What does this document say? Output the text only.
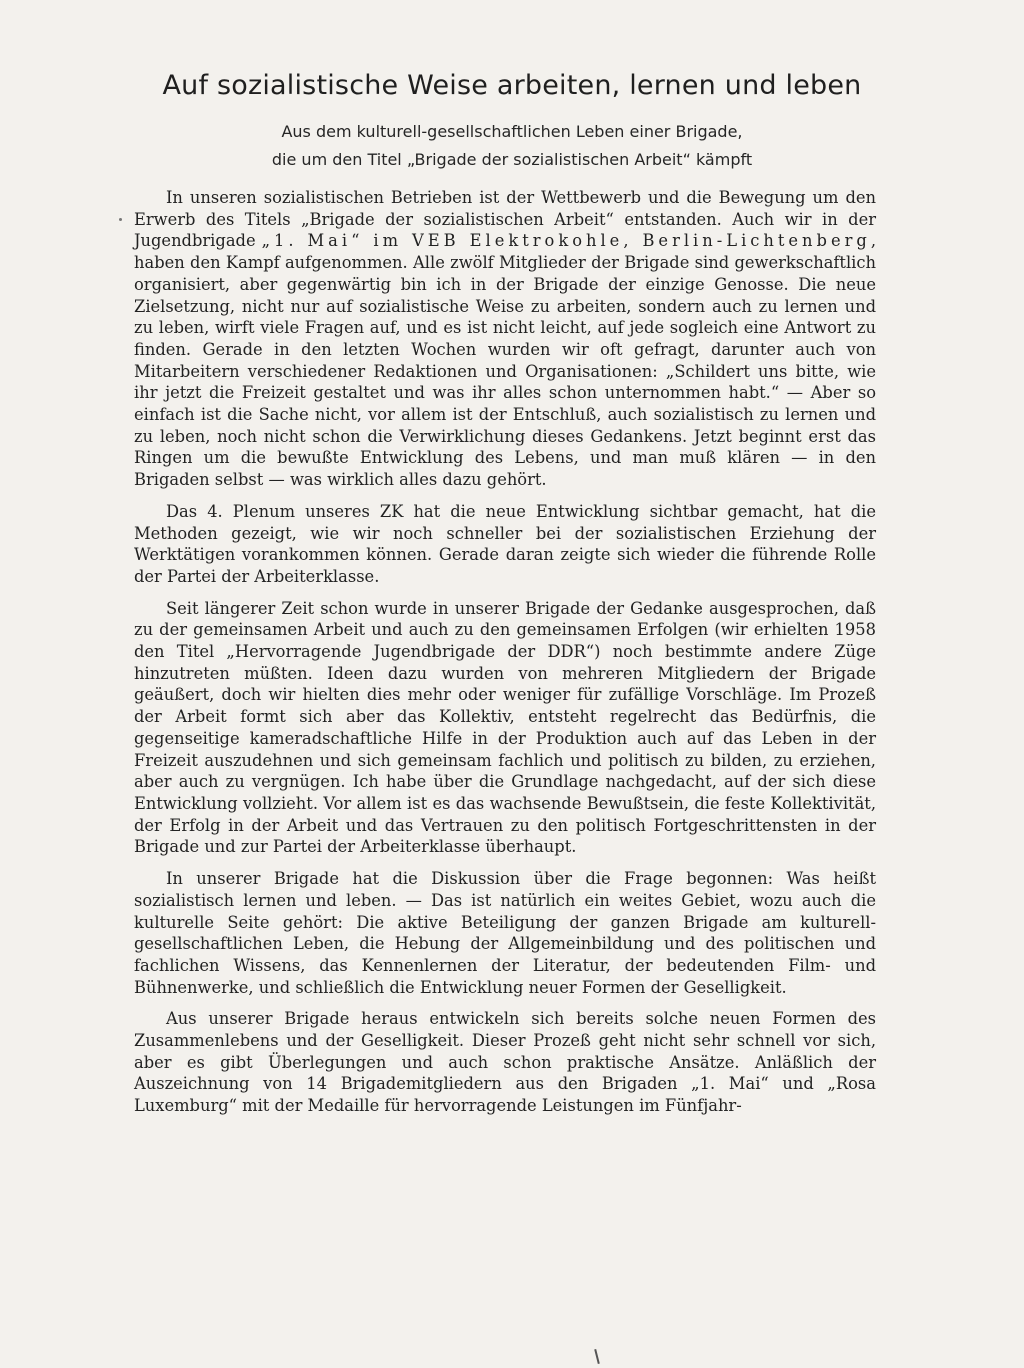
Auf sozialistische Weise arbeiten, lernen und leben
Aus dem kulturell-gesellschaftlichen Leben einer Brigade,
die um den Titel „Brigade der sozialistischen Arbeit“ kämpft

In unseren sozialistischen Betrieben ist der Wettbewerb und die Bewegung um den Erwerb des Titels „Brigade der sozialistischen Arbeit“ entstanden. Auch wir in der Jugendbrigade „1. Mai“ im VEB Elektrokohle, Berlin-Lichtenberg, haben den Kampf aufgenommen. Alle zwölf Mitglieder der Brigade sind gewerkschaftlich organisiert, aber gegenwärtig bin ich in der Brigade der einzige Genosse. Die neue Zielsetzung, nicht nur auf sozialistische Weise zu arbeiten, sondern auch zu lernen und zu leben, wirft viele Fragen auf, und es ist nicht leicht, auf jede sogleich eine Antwort zu finden. Gerade in den letzten Wochen wurden wir oft gefragt, darunter auch von Mitarbeitern verschiedener Redaktionen und Organisationen: „Schildert uns bitte, wie ihr jetzt die Freizeit gestaltet und was ihr alles schon unternommen habt.“ — Aber so einfach ist die Sache nicht, vor allem ist der Entschluß, auch sozialistisch zu lernen und zu leben, noch nicht schon die Verwirklichung dieses Gedankens. Jetzt beginnt erst das Ringen um die bewußte Entwicklung des Lebens, und man muß klären — in den Brigaden selbst — was wirklich alles dazu gehört.

Das 4. Plenum unseres ZK hat die neue Entwicklung sichtbar gemacht, hat die Methoden gezeigt, wie wir noch schneller bei der sozialistischen Erziehung der Werktätigen vorankommen können. Gerade daran zeigte sich wieder die führende Rolle der Partei der Arbeiterklasse.

Seit längerer Zeit schon wurde in unserer Brigade der Gedanke ausgesprochen, daß zu der gemeinsamen Arbeit und auch zu den gemeinsamen Erfolgen (wir erhielten 1958 den Titel „Hervorragende Jugendbrigade der DDR“) noch bestimmte andere Züge hinzutreten müßten. Ideen dazu wurden von mehreren Mitgliedern der Brigade geäußert, doch wir hielten dies mehr oder weniger für zufällige Vorschläge. Im Prozeß der Arbeit formt sich aber das Kollektiv, entsteht regelrecht das Bedürfnis, die gegenseitige kameradschaftliche Hilfe in der Produktion auch auf das Leben in der Freizeit auszudehnen und sich gemeinsam fachlich und politisch zu bilden, zu erziehen, aber auch zu vergnügen. Ich habe über die Grundlage nachgedacht, auf der sich diese Entwicklung vollzieht. Vor allem ist es das wachsende Bewußtsein, die feste Kollektivität, der Erfolg in der Arbeit und das Vertrauen zu den politisch Fortgeschrittensten in der Brigade und zur Partei der Arbeiterklasse überhaupt.

In unserer Brigade hat die Diskussion über die Frage begonnen: Was heißt sozialistisch lernen und leben. — Das ist natürlich ein weites Gebiet, wozu auch die kulturelle Seite gehört: Die aktive Beteiligung der ganzen Brigade am kulturell-gesellschaftlichen Leben, die Hebung der Allgemeinbildung und des politischen und fachlichen Wissens, das Kennenlernen der Literatur, der bedeutenden Film- und Bühnenwerke, und schließlich die Entwicklung neuer Formen der Geselligkeit.

Aus unserer Brigade heraus entwickeln sich bereits solche neuen Formen des Zusammenlebens und der Geselligkeit. Dieser Prozeß geht nicht sehr schnell vor sich, aber es gibt Überlegungen und auch schon praktische Ansätze. Anläßlich der Auszeichnung von 14 Brigademitgliedern aus den Brigaden „1. Mai“ und „Rosa Luxemburg“ mit der Medaille für hervorragende Leistungen im Fünfjahr-
